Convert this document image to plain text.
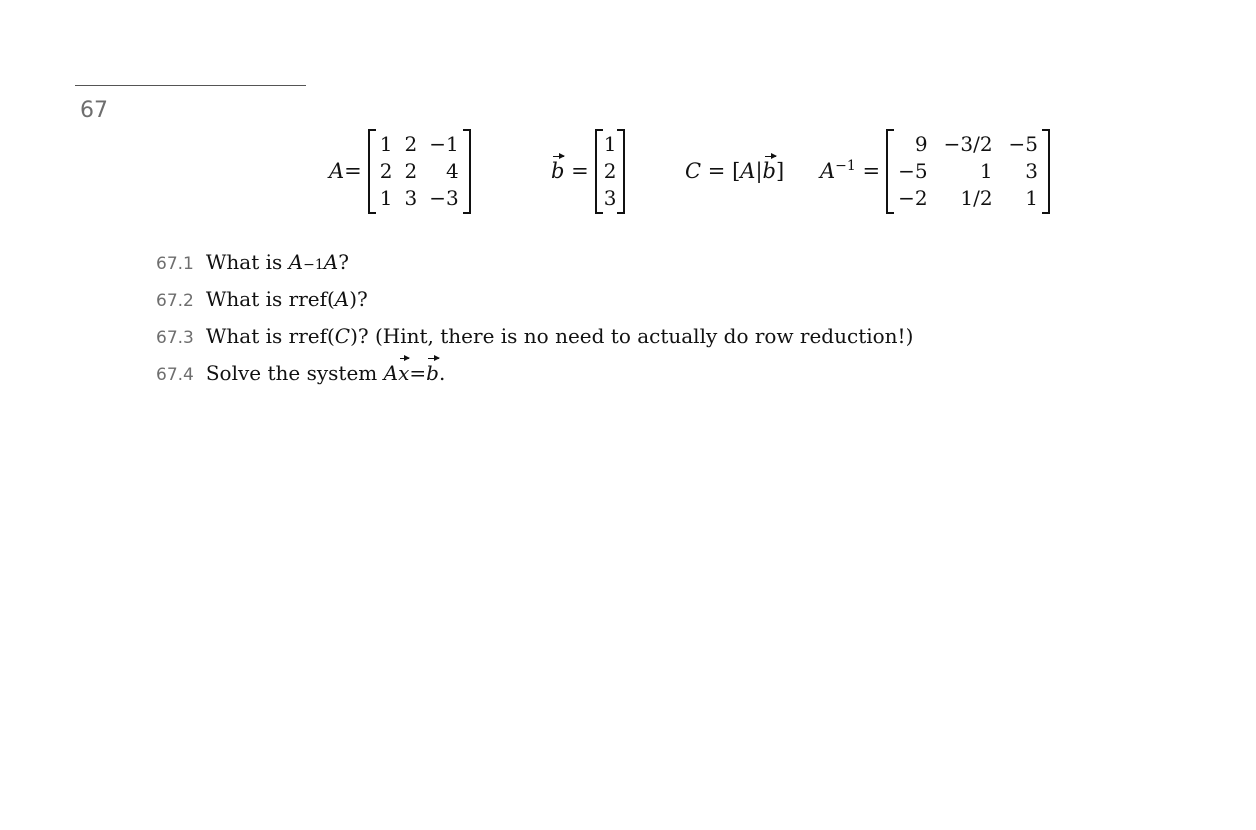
67
A=
1	2	−1
2	2	4
1	3	−3
b =
1
2
3
C = [A|b] $A^{-1}$ =
9	−3/2	−5
−5	1	3
−2	1/2	1
67.1 What is
A −1 A ?
67.2 What is rref( A )?
67.3 What is rref( C )? (Hint, there is no need to actually do row reduction!)
67.4 Solve the system
A x = b .
